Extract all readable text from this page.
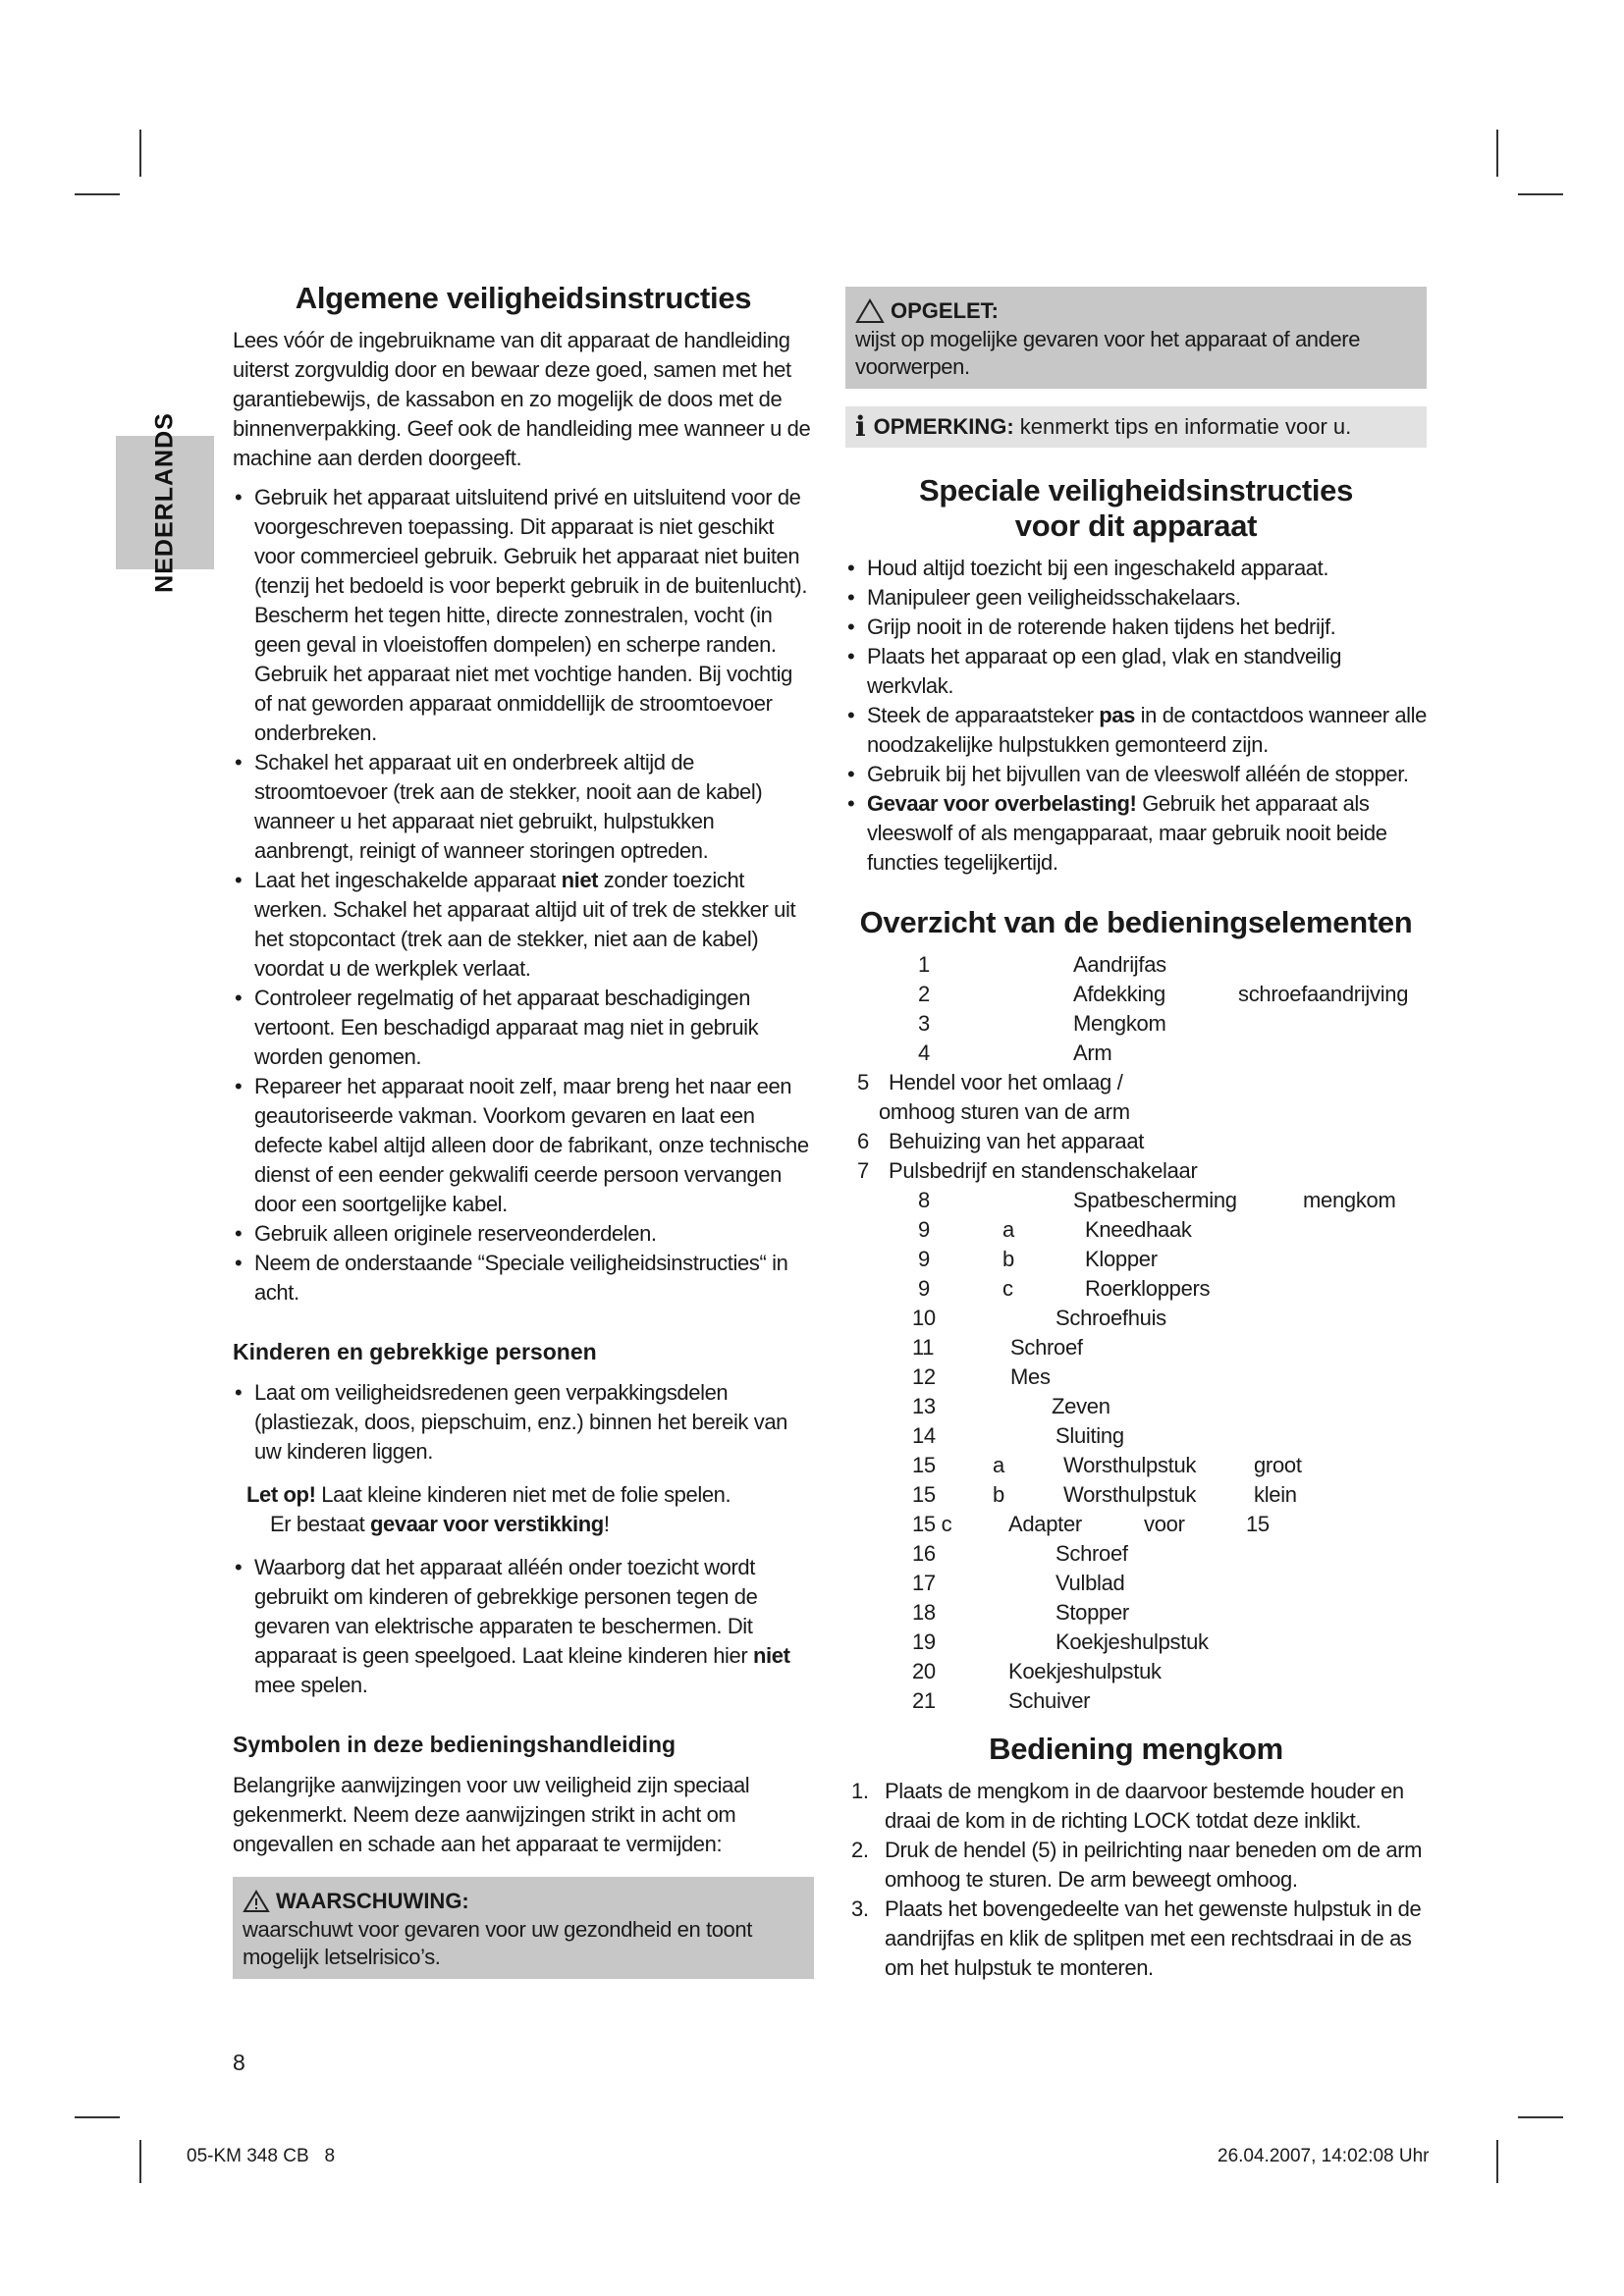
NEDERLANDS
Algemene veiligheidsinstructies

Lees vóór de ingebruikname van dit apparaat de handleiding uiterst zorgvuldig door en bewaar deze goed, samen met het garantiebewijs, de kassabon en zo mogelijk de doos met de binnenverpakking. Geef ook de handleiding mee wanneer u de machine aan derden doorgeeft.

• Gebruik het apparaat uitsluitend privé en uitsluitend voor de voorgeschreven toepassing. Dit apparaat is niet geschikt voor commercieel gebruik. Gebruik het apparaat niet buiten (tenzij het bedoeld is voor beperkt gebruik in de buitenlucht). Bescherm het tegen hitte, directe zonnestralen, vocht (in geen geval in vloeistoffen dompelen) en scherpe randen. Gebruik het apparaat niet met vochtige handen. Bij vochtig of nat geworden apparaat onmiddellijk de stroomtoevoer onderbreken.
• Schakel het apparaat uit en onderbreek altijd de stroomtoevoer (trek aan de stekker, nooit aan de kabel) wanneer u het apparaat niet gebruikt, hulpstukken aanbrengt, reinigt of wanneer storingen optreden.
• Laat het ingeschakelde apparaat niet zonder toezicht werken. Schakel het apparaat altijd uit of trek de stekker uit het stopcontact (trek aan de stekker, niet aan de kabel) voordat u de werkplek verlaat.
• Controleer regelmatig of het apparaat beschadigingen vertoont. Een beschadigd apparaat mag niet in gebruik worden genomen.
• Repareer het apparaat nooit zelf, maar breng het naar een geautoriseerde vakman. Voorkom gevaren en laat een defecte kabel altijd alleen door de fabrikant, onze technische dienst of een eender gekwalifi ceerde persoon vervangen door een soortgelijke kabel.
• Gebruik alleen originele reserveonderdelen.
• Neem de onderstaande “Speciale veiligheidsinstructies“ in acht.
Kinderen en gebrekkige personen
• Laat om veiligheidsredenen geen verpakkingsdelen (plastiezak, doos, piepschuim, enz.) binnen het bereik van uw kinderen liggen.
Let op! Laat kleine kinderen niet met de folie spelen.
Er bestaat gevaar voor verstikking!
• Waarborg dat het apparaat alléén onder toezicht wordt gebruikt om kinderen of gebrekkige personen tegen de gevaren van elektrische apparaten te beschermen. Dit apparaat is geen speelgoed. Laat kleine kinderen hier niet mee spelen.
Symbolen in deze bedieningshandleiding

Belangrijke aanwijzingen voor uw veiligheid zijn speciaal gekenmerkt. Neem deze aanwijzingen strikt in acht om ongevallen en schade aan het apparaat te vermijden:

WAARSCHUWING:

waarschuwt voor gevaren voor uw gezondheid en toont mogelijk letselrisico’s.

OPGELET:

wijst op mogelijke gevaren voor het apparaat of andere voorwerpen.

i OPMERKING: kenmerkt tips en informatie voor u.
Speciale veiligheidsinstructies voor dit apparaat
• Houd altijd toezicht bij een ingeschakeld apparaat.
• Manipuleer geen veiligheidsschakelaars.
• Grijp nooit in de roterende haken tijdens het bedrijf.
• Plaats het apparaat op een glad, vlak en standveilig werkvlak.
• Steek de apparaatsteker pas in de contactdoos wanneer alle noodzakelijke hulpstukken gemonteerd zijn.
• Gebruik bij het bijvullen van de vleeswolf alléén de stopper.
• Gevaar voor overbelasting! Gebruik het apparaat als vleeswolf of als mengapparaat, maar gebruik nooit beide functies tegelijkertijd.
Overzicht van de bedieningselementen
1	Aandrijfas
2	Afdekking	schroefaandrijving
3	Mengkom
4	Arm
5 Hendel voor het omlaag /
omhoog sturen van de arm
6 Behuizing van het apparaat
7 Pulsbedrijf en standenschakelaar
8	Spatbescherming	mengkom
9	a	Kneedhaak
9	b	Klopper
9	c	Roerkloppers
10	Schroefhuis
11	Schroef
12	Mes
13	Zeven
14	Sluiting
15	a	Worsthulpstuk	groot
15	b	Worsthulpstuk	klein
15 c	Adapter	voor	15
16	Schroef
17	Vulblad
18	Stopper
19	Koekjeshulpstuk
20	Koekjeshulpstuk
21	Schuiver
Bediening mengkom
1. Plaats de mengkom in de daarvoor bestemde houder en draai de kom in de richting LOCK totdat deze inklikt.
2. Druk de hendel (5) in peilrichting naar beneden om de arm omhoog te sturen. De arm beweegt omhoog.
3. Plaats het bovengedeelte van het gewenste hulpstuk in de aandrijfas en klik de splitpen met een rechtsdraai in de as om het hulpstuk te monteren.
8
05-KM 348 CB   8	26.04.2007, 14:02:08 Uhr
